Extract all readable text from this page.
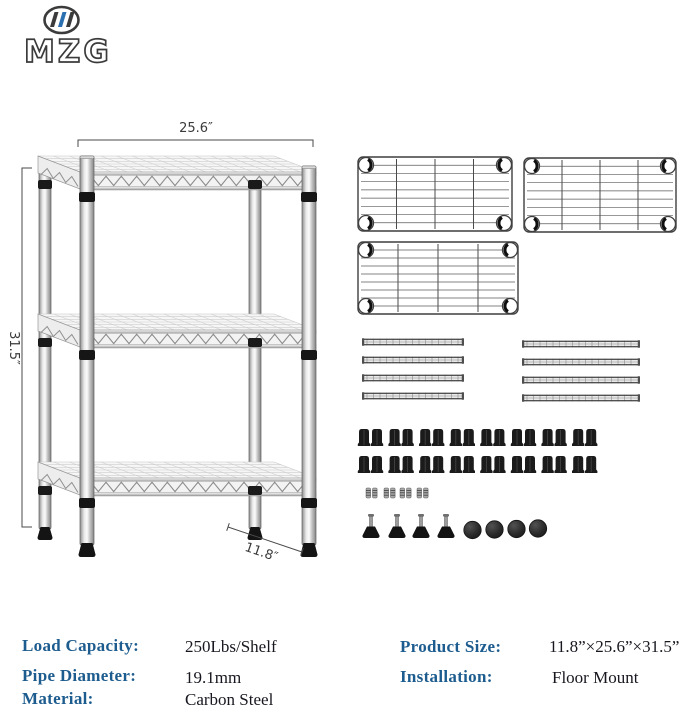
MZG
25.6″
31.5″
11.8″
Load Capacity:	250Lbs/Shelf
Pipe Diameter:	19.1mm
Material:	Carbon Steel
Product Size:	11.8”×25.6”×31.5”
Installation:	Floor Mount
